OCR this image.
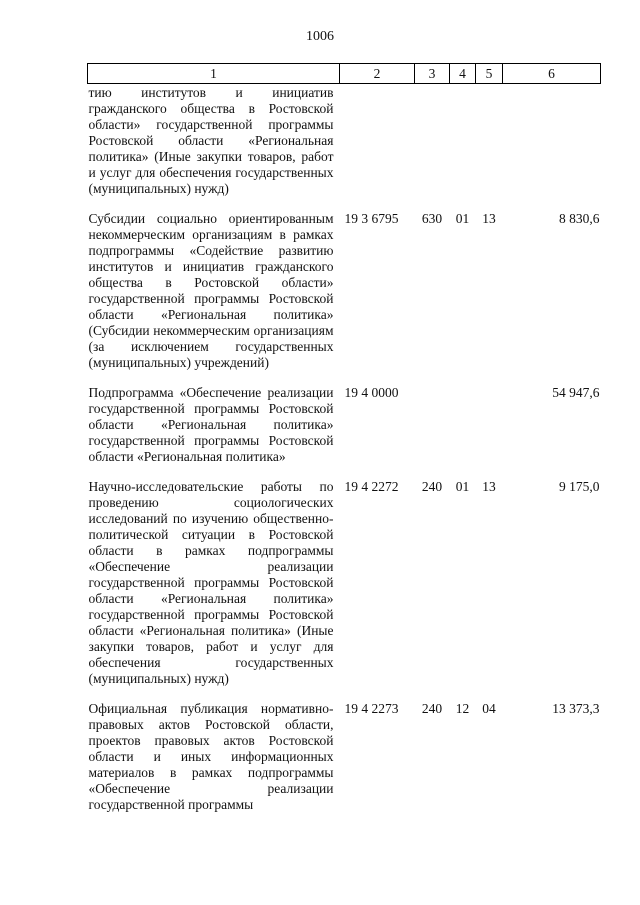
1006
1	2	3	4	5	6
тию институтов и инициатив гражданского общества в Ростовской области» государственной программы Ростовской области «Региональная политика» (Иные закупки товаров, работ и услуг для обеспечения государственных (муниципальных) нужд)					
Субсидии социально ориентированным некоммерческим организациям в рамках подпрограммы «Содействие развитию институтов и инициатив гражданского общества в Ростовской области» государственной программы Ростовской области «Региональная политика» (Субсидии некоммерческим организациям (за исключением государственных (муниципальных) учреждений)	19 3 6795	630	01	13	8 830,6
Подпрограмма «Обеспечение реализации государственной программы Ростовской области «Региональная политика» государственной программы Ростовской области «Региональная политика»	19 4 0000				54 947,6
Научно-исследовательские работы по проведению социологических исследований по изучению общественно-политической ситуации в Ростовской области в рамках подпрограммы «Обеспечение реализации государственной программы Ростовской области «Региональная политика» государственной программы Ростовской области «Региональная политика» (Иные закупки товаров, работ и услуг для обеспечения государственных (муниципальных) нужд)	19 4 2272	240	01	13	9 175,0
Официальная публикация нормативно-правовых актов Ростовской области, проектов правовых актов Ростовской области и иных информационных материалов в рамках подпрограммы «Обеспечение реализации государственной программы	19 4 2273	240	12	04	13 373,3
